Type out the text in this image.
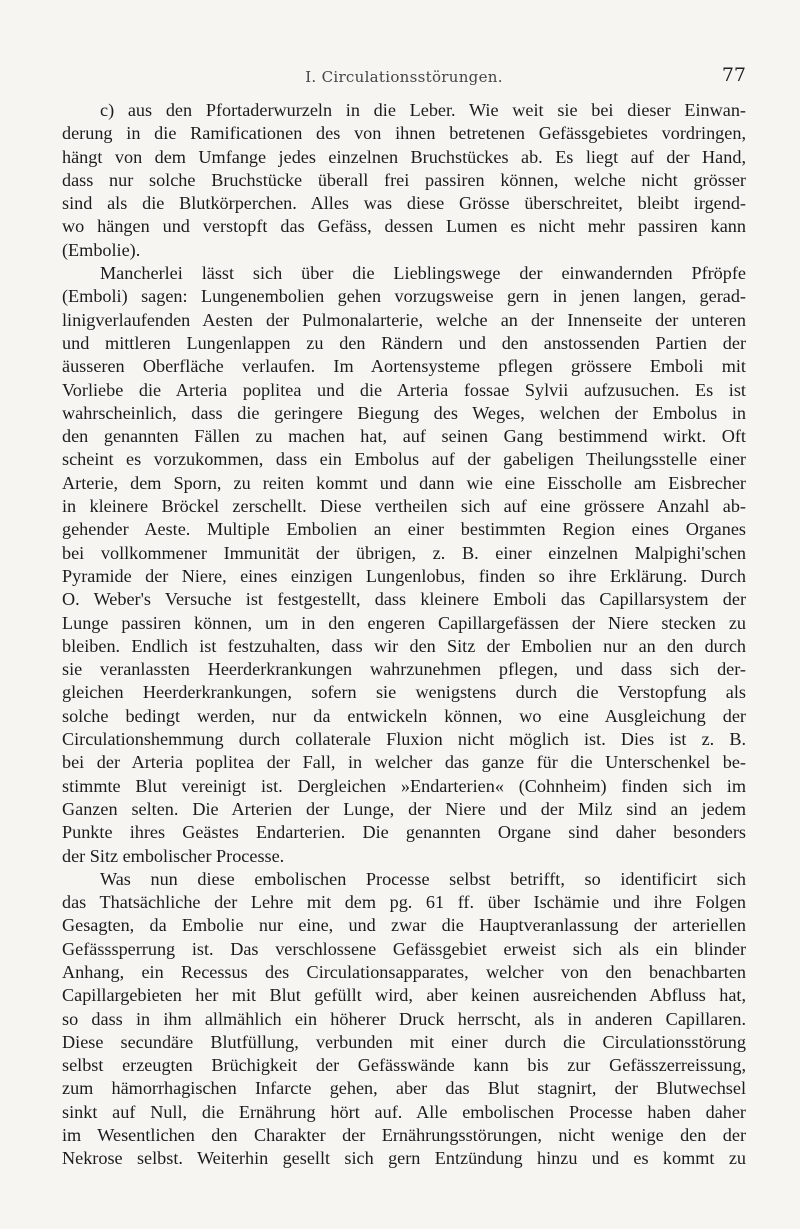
I. Circulationsstörungen.	77
c) aus den Pfortaderwurzeln in die Leber. Wie weit sie bei dieser Einwan-
derung in die Ramificationen des von ihnen betretenen Gefässgebietes vordringen,
hängt von dem Umfange jedes einzelnen Bruchstückes ab. Es liegt auf der Hand,
dass nur solche Bruchstücke überall frei passiren können, welche nicht grösser
sind als die Blutkörperchen. Alles was diese Grösse überschreitet, bleibt irgend-
wo hängen und verstopft das Gefäss, dessen Lumen es nicht mehr passiren kann
(Embolie).
Mancherlei lässt sich über die Lieblingswege der einwandernden Pfröpfe
(Emboli) sagen: Lungenembolien gehen vorzugsweise gern in jenen langen, gerad-
linigverlaufenden Aesten der Pulmonalarterie, welche an der Innenseite der unteren
und mittleren Lungenlappen zu den Rändern und den anstossenden Partien der
äusseren Oberfläche verlaufen. Im Aortensysteme pflegen grössere Emboli mit
Vorliebe die Arteria poplitea und die Arteria fossae Sylvii aufzusuchen. Es ist
wahrscheinlich, dass die geringere Biegung des Weges, welchen der Embolus in
den genannten Fällen zu machen hat, auf seinen Gang bestimmend wirkt. Oft
scheint es vorzukommen, dass ein Embolus auf der gabeligen Theilungsstelle einer
Arterie, dem Sporn, zu reiten kommt und dann wie eine Eisscholle am Eisbrecher
in kleinere Bröckel zerschellt. Diese vertheilen sich auf eine grössere Anzahl ab-
gehender Aeste. Multiple Embolien an einer bestimmten Region eines Organes
bei vollkommener Immunität der übrigen, z. B. einer einzelnen Malpighi'schen
Pyramide der Niere, eines einzigen Lungenlobus, finden so ihre Erklärung. Durch
O. Weber's Versuche ist festgestellt, dass kleinere Emboli das Capillarsystem der
Lunge passiren können, um in den engeren Capillargefässen der Niere stecken zu
bleiben. Endlich ist festzuhalten, dass wir den Sitz der Embolien nur an den durch
sie veranlassten Heerderkrankungen wahrzunehmen pflegen, und dass sich der-
gleichen Heerderkrankungen, sofern sie wenigstens durch die Verstopfung als
solche bedingt werden, nur da entwickeln können, wo eine Ausgleichung der
Circulationshemmung durch collaterale Fluxion nicht möglich ist. Dies ist z. B.
bei der Arteria poplitea der Fall, in welcher das ganze für die Unterschenkel be-
stimmte Blut vereinigt ist. Dergleichen »Endarterien« (Cohnheim) finden sich im
Ganzen selten. Die Arterien der Lunge, der Niere und der Milz sind an jedem
Punkte ihres Geästes Endarterien. Die genannten Organe sind daher besonders
der Sitz embolischer Processe.
Was nun diese embolischen Processe selbst betrifft, so identificirt sich
das Thatsächliche der Lehre mit dem pg. 61 ff. über Ischämie und ihre Folgen
Gesagten, da Embolie nur eine, und zwar die Hauptveranlassung der arteriellen
Gefässsperrung ist. Das verschlossene Gefässgebiet erweist sich als ein blinder
Anhang, ein Recessus des Circulationsapparates, welcher von den benachbarten
Capillargebieten her mit Blut gefüllt wird, aber keinen ausreichenden Abfluss hat,
so dass in ihm allmählich ein höherer Druck herrscht, als in anderen Capillaren.
Diese secundäre Blutfüllung, verbunden mit einer durch die Circulationsstörung
selbst erzeugten Brüchigkeit der Gefässwände kann bis zur Gefässzerreissung,
zum hämorrhagischen Infarcte gehen, aber das Blut stagnirt, der Blutwechsel
sinkt auf Null, die Ernährung hört auf. Alle embolischen Processe haben daher
im Wesentlichen den Charakter der Ernährungsstörungen, nicht wenige den der
Nekrose selbst. Weiterhin gesellt sich gern Entzündung hinzu und es kommt zu
